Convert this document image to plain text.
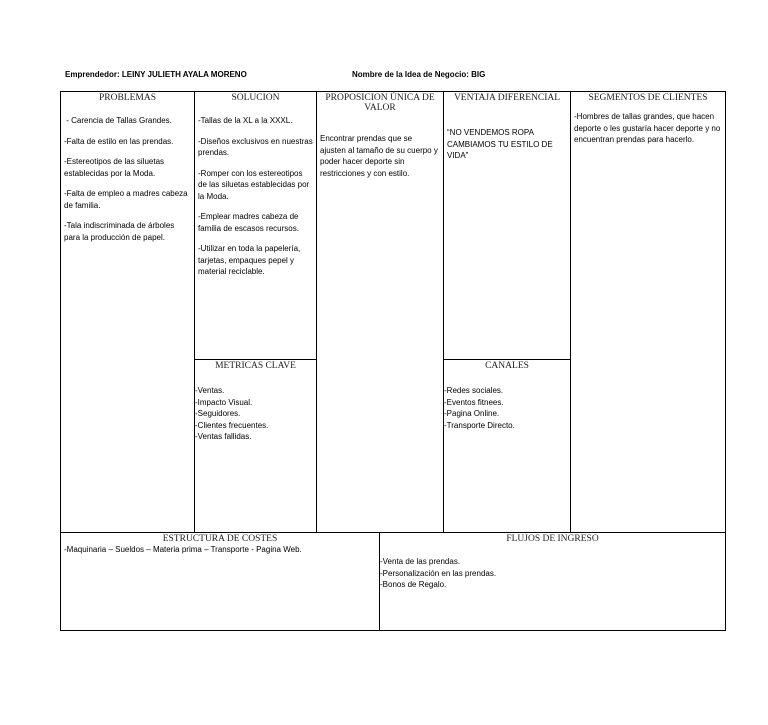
Emprendedor: LEINY JULIETH AYALA MORENO	Nombre de la Idea de Negocio: BIG
PROBLEMAS

- Carencia de Tallas Grandes.

-Falta de estilo en las prendas.

-Estereotipos de las siluetas establecidas por la Moda.

-Falta de empleo a madres cabeza de familia.

-Tala indiscriminada de árboles para la producción de papel.

SOLUCION

-Tallas de la XL a la XXXL.

-Diseños exclusivos en nuestras prendas.

-Romper con los estereotipos de las siluetas establecidas por la Moda.

-Emplear madres cabeza de familia de escasos recursos.

-Utilizar en toda la papelería, tarjetas, empaques pepel y material reciclable.

METRICAS CLAVE
-Ventas.
-Impacto Visual.
-Seguidores.
-Clientes frecuentes.
-Ventas fallidas.
PROPOSICION ÚNICA DE VALOR
Encontrar prendas que se ajusten al tamaño de su cuerpo y poder hacer deporte sin restricciones y con estilo.
VENTAJA DIFERENCIAL
“NO VENDEMOS ROPA CAMBIAMOS TU ESTILO DE VIDA”
CANALES
-Redes sociales.
-Eventos fitnees.
-Pagina Online.
-Transporte Directo.
SEGMENTOS DE CLIENTES
-Hombres de tallas grandes, que hacen deporte o les gustaría hacer deporte y no encuentran prendas para hacerlo.
ESTRUCTURA DE COSTES
-Maquinaria – Sueldos – Materia prima – Transporte - Pagina Web.
FLUJOS DE INGRESO
-Venta de las prendas.
-Personalización en las prendas.
-Bonos de Regalo.
